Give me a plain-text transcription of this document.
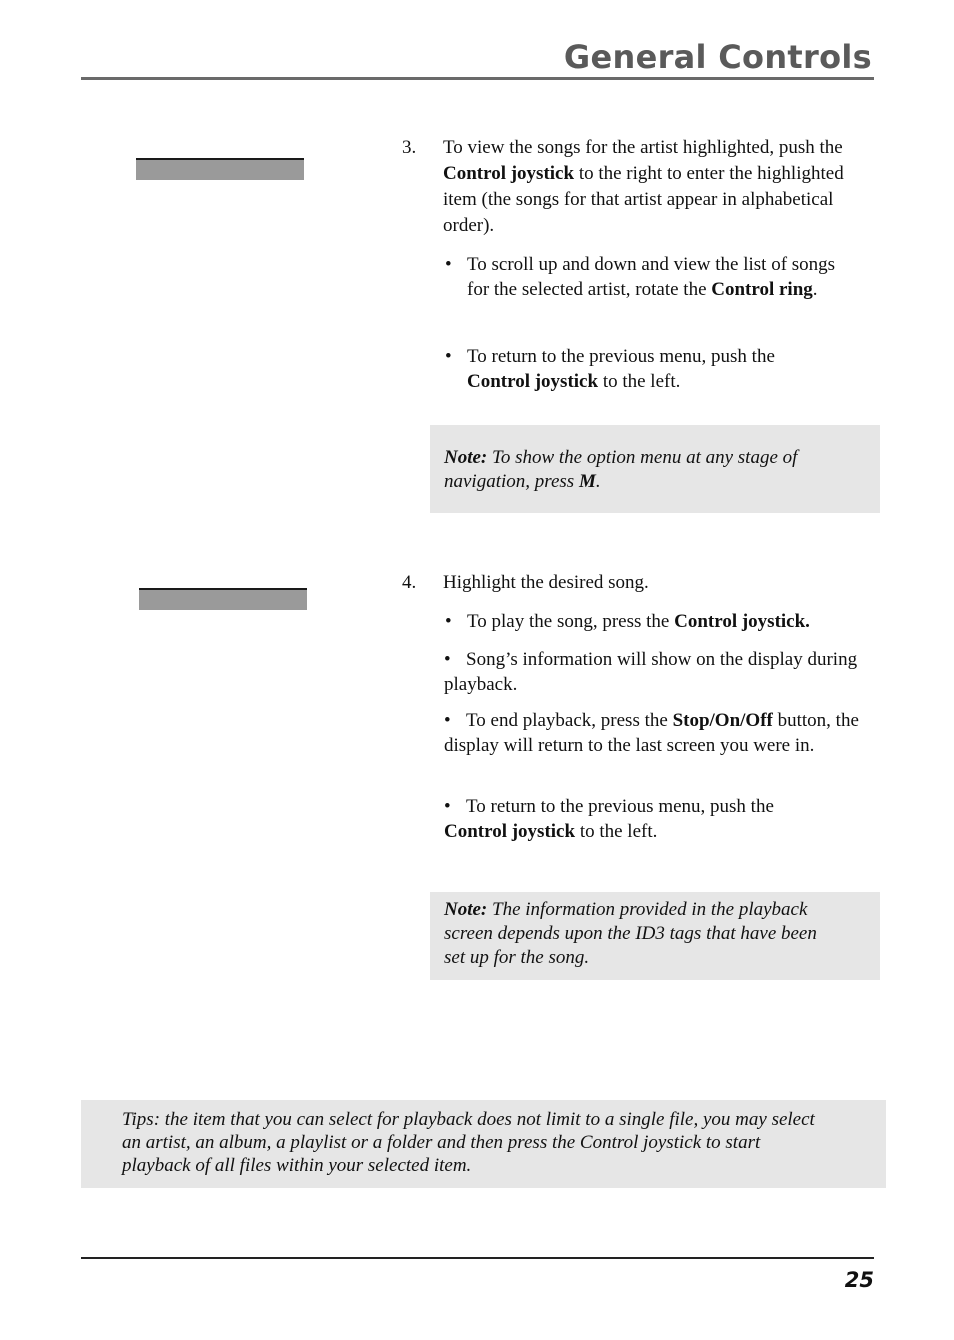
General Controls
3. To view the songs for the artist highlighted, push the Control joystick to the right to enter the highlighted item (the songs for that artist appear in alphabetical order).

• To scroll up and down and view the list of songs for the selected artist, rotate the Control ring.
• To return to the previous menu, push the Control joystick to the left.
Note: To show the option menu at any stage of navigation, press M.
4. Highlight the desired song.

• To play the song, press the Control joystick.
• Song’s information will show on the display during playback.
• To end playback, press the Stop/On/Off button, the display will return to the last screen you were in.
• To return to the previous menu, push the Control joystick to the left.
Note: The information provided in the playback screen depends upon the ID3 tags that have been set up for the song.
Tips: the item that you can select for playback does not limit to a single file, you may select an artist, an album, a playlist or a folder and then press the Control joystick to start playback of all files within your selected item.
25
